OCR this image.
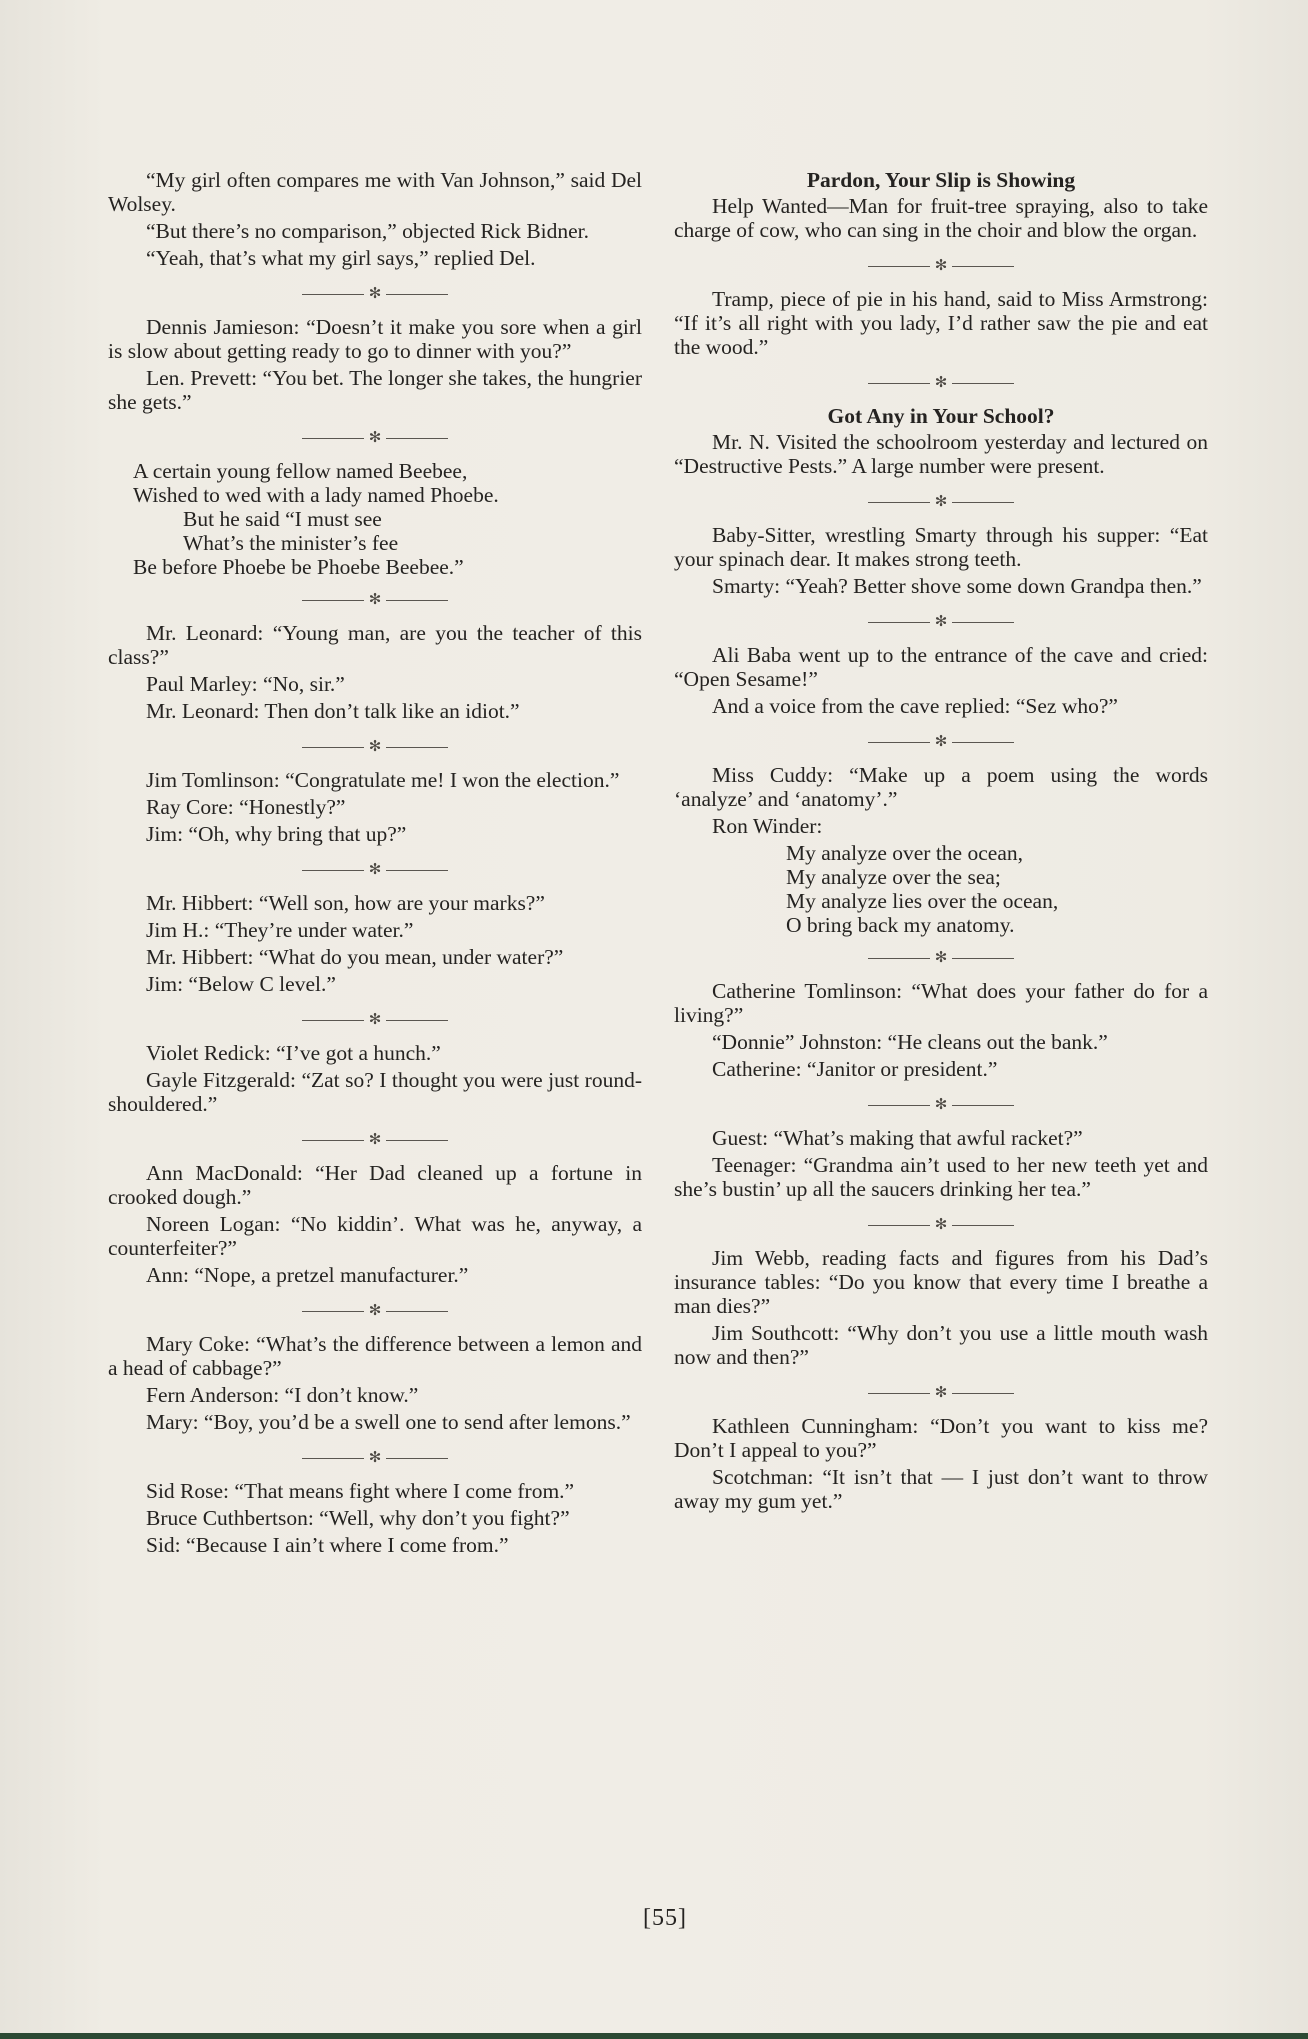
“My girl often compares me with Van Johnson,” said Del Wolsey.

“But there’s no comparison,” objected Rick Bidner.

“Yeah, that’s what my girl says,” replied Del.

✻

Dennis Jamieson: “Doesn’t it make you sore when a girl is slow about getting ready to go to dinner with you?”

Len. Prevett: “You bet. The longer she takes, the hungrier she gets.”

✻
A certain young fellow named Beebee,
Wished to wed with a lady named Phoebe.
But he said “I must see
What’s the minister’s fee
Be before Phoebe be Phoebe Beebee.”
✻

Mr. Leonard: “Young man, are you the teacher of this class?”

Paul Marley: “No, sir.”

Mr. Leonard: Then don’t talk like an idiot.”

✻

Jim Tomlinson: “Congratulate me! I won the election.”

Ray Core: “Honestly?”

Jim: “Oh, why bring that up?”

✻

Mr. Hibbert: “Well son, how are your marks?”

Jim H.: “They’re under water.”

Mr. Hibbert: “What do you mean, under water?”

Jim: “Below C level.”

✻

Violet Redick: “I’ve got a hunch.”

Gayle Fitzgerald: “Zat so? I thought you were just round-shouldered.”

✻

Ann MacDonald: “Her Dad cleaned up a fortune in crooked dough.”

Noreen Logan: “No kiddin’. What was he, anyway, a counterfeiter?”

Ann: “Nope, a pretzel manufacturer.”

✻

Mary Coke: “What’s the difference between a lemon and a head of cabbage?”

Fern Anderson: “I don’t know.”

Mary: “Boy, you’d be a swell one to send after lemons.”

✻

Sid Rose: “That means fight where I come from.”

Bruce Cuthbertson: “Well, why don’t you fight?”

Sid: “Because I ain’t where I come from.”

Pardon, Your Slip is Showing

Help Wanted—Man for fruit-tree spraying, also to take charge of cow, who can sing in the choir and blow the organ.

✻

Tramp, piece of pie in his hand, said to Miss Armstrong: “If it’s all right with you lady, I’d rather saw the pie and eat the wood.”

✻
Got Any in Your School?

Mr. N. Visited the schoolroom yesterday and lectured on “Destructive Pests.” A large number were present.

✻

Baby-Sitter, wrestling Smarty through his supper: “Eat your spinach dear. It makes strong teeth.

Smarty: “Yeah? Better shove some down Grandpa then.”

✻

Ali Baba went up to the entrance of the cave and cried: “Open Sesame!”

And a voice from the cave replied: “Sez who?”

✻

Miss Cuddy: “Make up a poem using the words ‘analyze’ and ‘anatomy’.”

Ron Winder:

My analyze over the ocean,
My analyze over the sea;
My analyze lies over the ocean,
O bring back my anatomy.
✻

Catherine Tomlinson: “What does your father do for a living?”

“Donnie” Johnston: “He cleans out the bank.”

Catherine: “Janitor or president.”

✻

Guest: “What’s making that awful racket?”

Teenager: “Grandma ain’t used to her new teeth yet and she’s bustin’ up all the saucers drinking her tea.”

✻

Jim Webb, reading facts and figures from his Dad’s insurance tables: “Do you know that every time I breathe a man dies?”

Jim Southcott: “Why don’t you use a little mouth wash now and then?”

✻

Kathleen Cunningham: “Don’t you want to kiss me? Don’t I appeal to you?”

Scotchman: “It isn’t that — I just don’t want to throw away my gum yet.”

[55]
